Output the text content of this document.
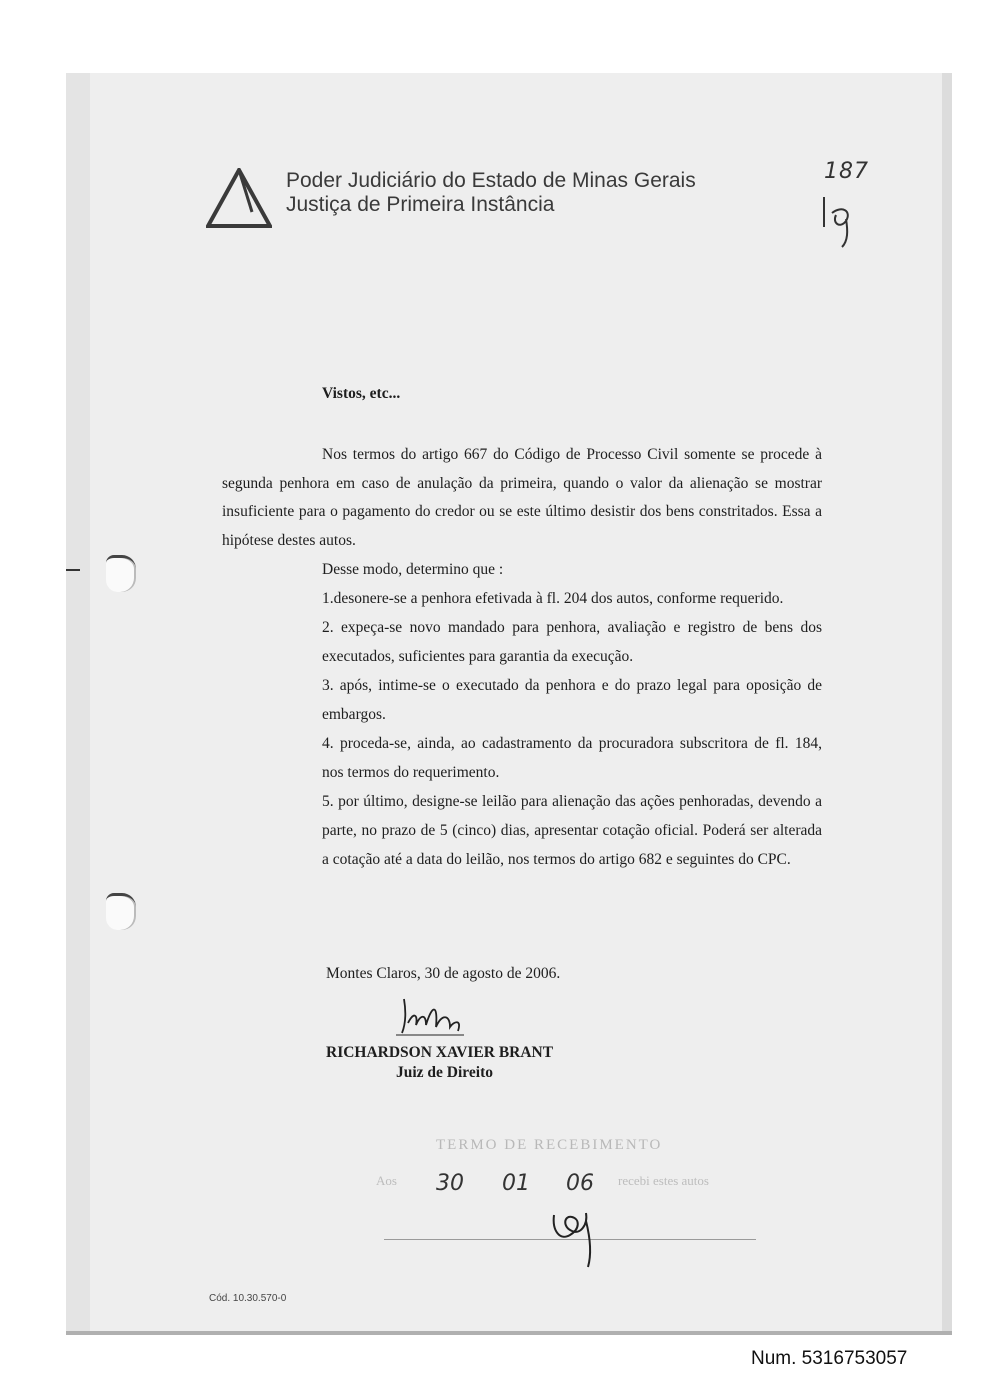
Poder Judiciário do Estado de Minas Gerais
Justiça de Primeira Instância
187
Vistos, etc...
Nos termos do artigo 667 do Código de Processo Civil somente se procede à segunda penhora em caso de anulação da primeira, quando o valor da alienação se mostrar insuficiente para o pagamento do credor ou se este último desistir dos bens constritados. Essa a hipótese destes autos.
Desse modo, determino que :
1.desonere-se a penhora efetivada à fl. 204 dos autos, conforme requerido.
2. expeça-se novo mandado para penhora, avaliação e registro de bens dos executados, suficientes para garantia da execução.
3. após, intime-se o executado da penhora e do prazo legal para oposição de embargos.
4. proceda-se, ainda, ao cadastramento da procuradora subscritora de fl. 184, nos termos do requerimento.
5. por último, designe-se leilão para alienação das ações penhoradas, devendo a parte, no prazo de 5 (cinco) dias, apresentar cotação oficial. Poderá ser alterada a cotação até a data do leilão, nos termos do artigo 682 e seguintes do CPC.
Montes Claros, 30 de agosto de 2006.
RICHARDSON XAVIER BRANT
Juiz de Direito
TERMO DE RECEBIMENTO
Aos 30 01 06 recebi estes autos
Cód. 10.30.570-0
Num. 5316753057
